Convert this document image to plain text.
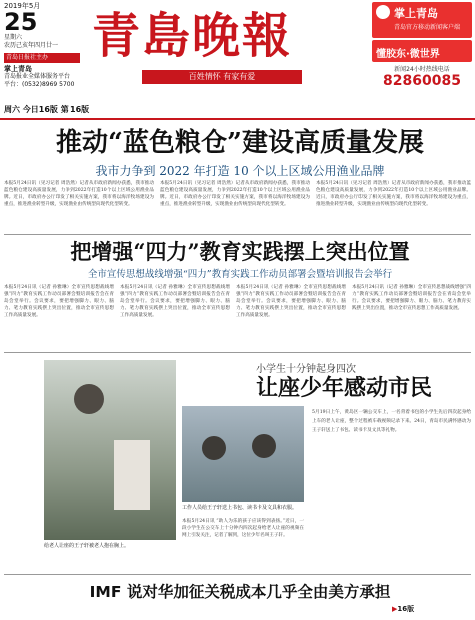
2019年5月
25
星期六
农历己亥年四月廿一
青岛日报社主办
掌上青岛
青岛报业全媒体服务平台
平台：(0532)8969 5700
青島晚報
百姓情怀 有家有爱
掌上青岛
青岛官方移动新闻客户端
懂胶东·微世界
新闻24小时热线电话
82860085
周六 今日16版 第 16版
推动“蓝色粮仓”建设高质量发展
我市力争到 2022 年打造 10 个以上区域公用渔业品牌
本报5月24日讯（见习记者 周浩然）记者从市政府新闻办获悉，我市推动蓝色粮仓建设高质量发展，力争到2022年打造10个以上区域公用渔业品牌。近日，市政府办公厅印发了相关实施方案，我市将以海洋牧场建设为重点，推进渔业转型升级，实现渔业由传统型向现代化型转变。
本报5月24日讯（见习记者 周浩然）记者从市政府新闻办获悉，我市推动蓝色粮仓建设高质量发展，力争到2022年打造10个以上区域公用渔业品牌。近日，市政府办公厅印发了相关实施方案，我市将以海洋牧场建设为重点，推进渔业转型升级，实现渔业由传统型向现代化型转变。
本报5月24日讯（见习记者 周浩然）记者从市政府新闻办获悉，我市推动蓝色粮仓建设高质量发展，力争到2022年打造10个以上区域公用渔业品牌。近日，市政府办公厅印发了相关实施方案，我市将以海洋牧场建设为重点，推进渔业转型升级，实现渔业由传统型向现代化型转变。
把增强“四力”教育实践摆上突出位置
全市宣传思想战线增强“四力”教育实践工作动员部署会暨培训报告会举行
本报5月24日讯（记者 孙雅琳）全市宣传思想战线增强“四力”教育实践工作动员部署会暨培训报告会在青岛会堂举行。会议要求，要把增强脚力、眼力、脑力、笔力教育实践摆上突出位置，推动全市宣传思想工作高质量发展。
本报5月24日讯（记者 孙雅琳）全市宣传思想战线增强“四力”教育实践工作动员部署会暨培训报告会在青岛会堂举行。会议要求，要把增强脚力、眼力、脑力、笔力教育实践摆上突出位置，推动全市宣传思想工作高质量发展。
本报5月24日讯（记者 孙雅琳）全市宣传思想战线增强“四力”教育实践工作动员部署会暨培训报告会在青岛会堂举行。会议要求，要把增强脚力、眼力、脑力、笔力教育实践摆上突出位置，推动全市宣传思想工作高质量发展。
本报5月24日讯（记者 孙雅琳）全市宣传思想战线增强“四力”教育实践工作动员部署会暨培训报告会在青岛会堂举行。会议要求，要把增强脚力、眼力、脑力、笔力教育实践摆上突出位置，推动全市宣传思想工作高质量发展。
给老人让座的王子轩被老人抱在胸上。
小学生十分钟起身四次
让座少年感动市民
工作人员给王子轩送上书包、读书卡及文具和衣服。
本报5月24日讯 “助人为乐的孩子应该得到表扬。”近日，一段小学生在公交车上十分钟内四次起身给老人让座的视频在网上引发关注，记者了解到，这位少年名叫王子轩。
5月19日上午，黄岛区一辆公交车上，一名背着书包的小学生先后四次起身给上车的老人让座，整个过程被车载视频记录下来。24日，青岛市民满怀感动为王子轩送上了书包、读书卡及文具等礼物。
IMF 说对华加征关税成本几乎全由美方承担
▶16版
